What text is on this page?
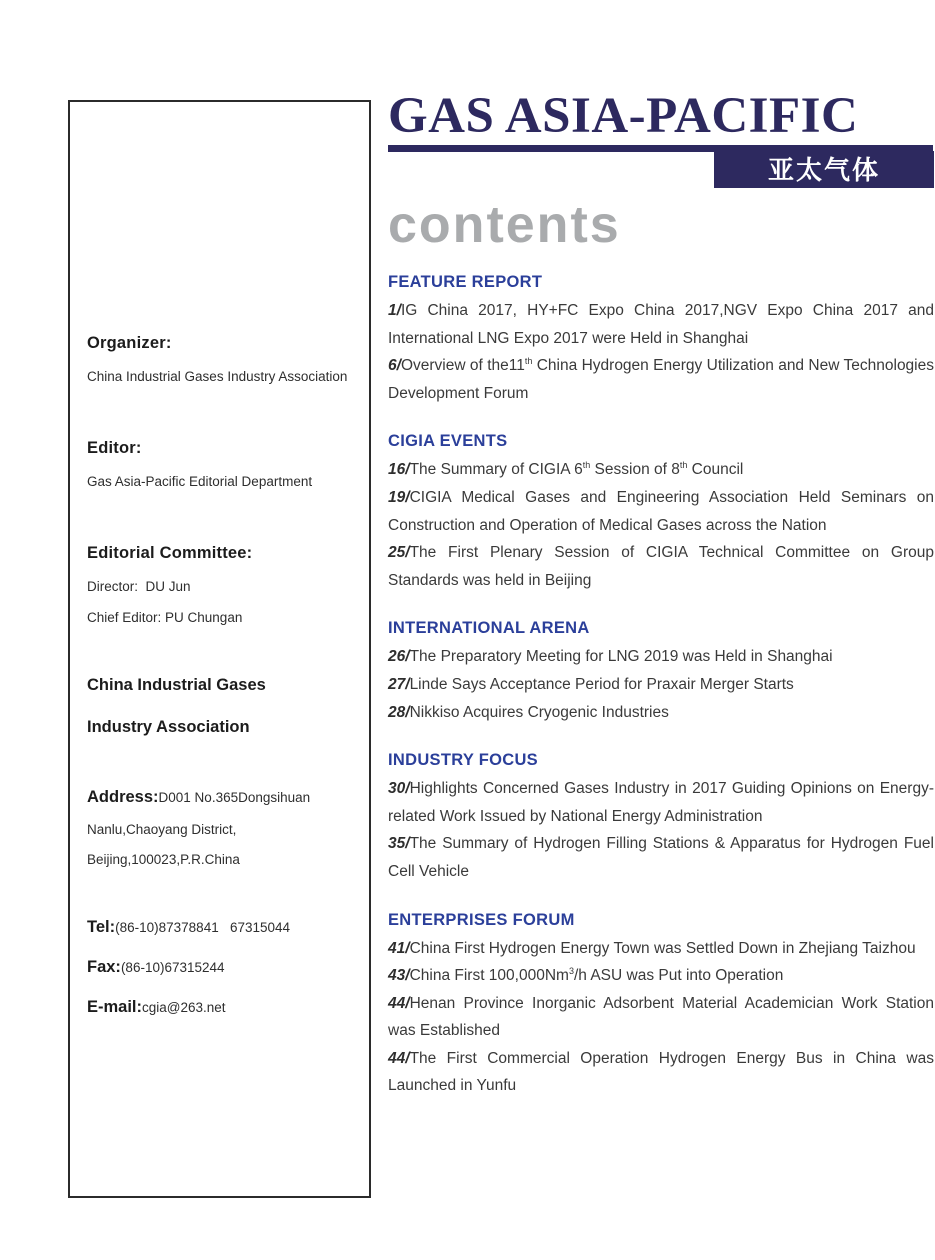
Organizer:
China Industrial Gases Industry Association
Editor:
Gas Asia-Pacific Editorial Department
Editorial Committee:
Director:  DU Jun
Chief Editor: PU Chungan
China Industrial Gases
Industry Association
Address:D001 No.365Dongsihuan
Nanlu,Chaoyang District,
Beijing,100023,P.R.China
Tel:(86-10)87378841   67315044
Fax:(86-10)67315244
E-mail:cgia@263.net
GAS ASIA-PACIFIC
亚太气体
contents
FEATURE REPORT

1/IG China 2017, HY+FC Expo China 2017,NGV Expo China 2017 and International LNG Expo 2017 were Held in Shanghai

6/Overview of the11th China Hydrogen Energy Utilization and New Technologies Development Forum

CIGIA EVENTS

16/The Summary of CIGIA 6th Session of 8th Council

19/CIGIA Medical Gases and Engineering Association Held Seminars on Construction and Operation of Medical Gases across the Nation

25/The First Plenary Session of CIGIA Technical Committee on Group Standards was held in Beijing

INTERNATIONAL ARENA

26/The Preparatory Meeting for LNG 2019 was Held in Shanghai

27/Linde Says Acceptance Period for Praxair Merger Starts

28/Nikkiso Acquires Cryogenic Industries

INDUSTRY FOCUS

30/Highlights Concerned Gases Industry in 2017 Guiding Opinions on Energy-related Work Issued by National Energy Administration

35/The Summary of Hydrogen Filling Stations & Apparatus for Hydrogen Fuel Cell Vehicle

ENTERPRISES FORUM

41/China First Hydrogen Energy Town was Settled Down in Zhejiang Taizhou

43/China First 100,000Nm$^3$/h ASU was Put into Operation

44/Henan Province Inorganic Adsorbent Material Academician Work Station was Established

44/The First Commercial Operation Hydrogen Energy Bus in China was Launched in Yunfu
